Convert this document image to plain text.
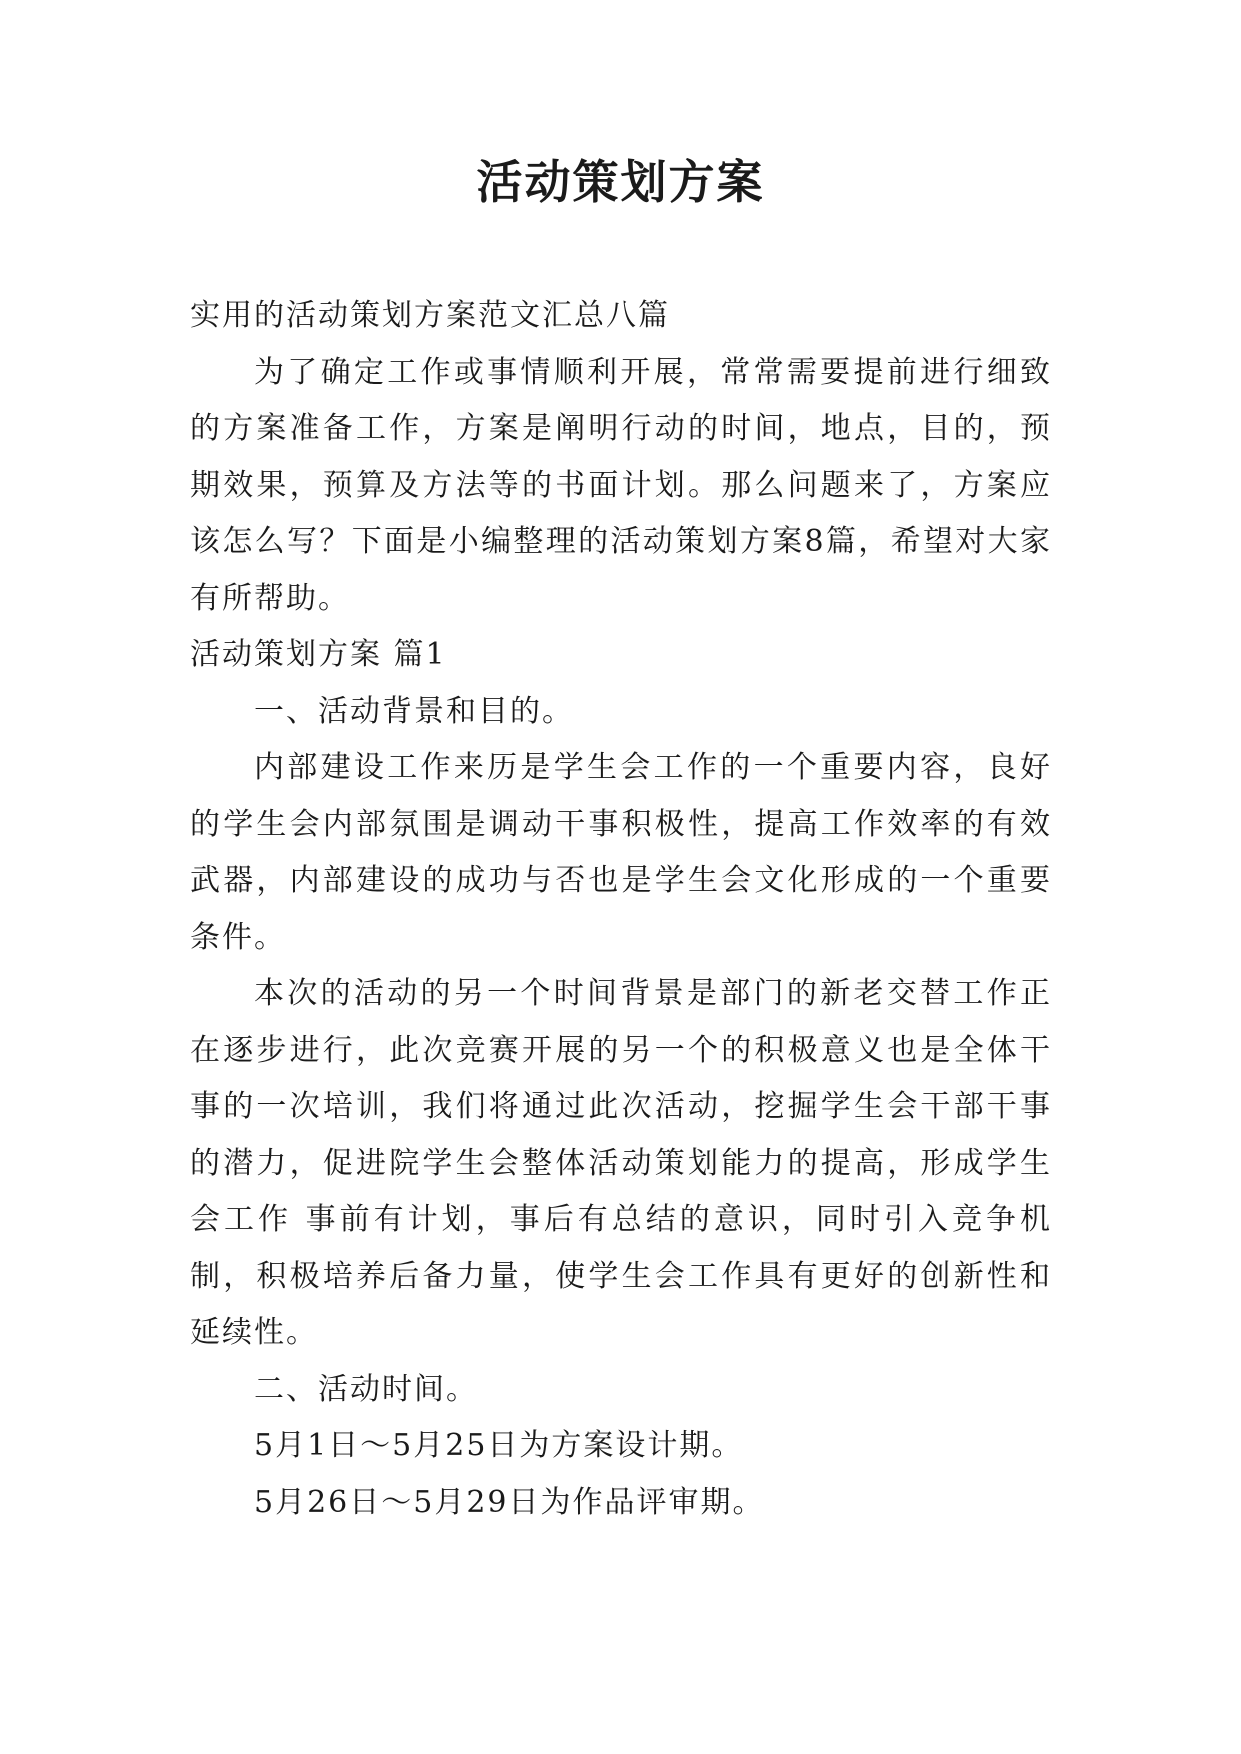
活动策划方案

实用的活动策划方案范文汇总八篇

为了确定工作或事情顺利开展，常常需要提前进行细致的方案准备工作，方案是阐明行动的时间，地点，目的，预期效果，预算及方法等的书面计划。那么问题来了，方案应该怎么写？下面是小编整理的活动策划方案8篇，希望对大家有所帮助。

活动策划方案 篇1

一、活动背景和目的。

内部建设工作来历是学生会工作的一个重要内容，良好的学生会内部氛围是调动干事积极性，提高工作效率的有效武器，内部建设的成功与否也是学生会文化形成的一个重要条件。

本次的活动的另一个时间背景是部门的新老交替工作正在逐步进行，此次竞赛开展的另一个的积极意义也是全体干事的一次培训，我们将通过此次活动，挖掘学生会干部干事的潜力，促进院学生会整体活动策划能力的提高，形成学生会工作 事前有计划，事后有总结的意识，同时引入竞争机制，积极培养后备力量，使学生会工作具有更好的创新性和延续性。

二、活动时间。

5月1日～5月25日为方案设计期。

5月26日～5月29日为作品评审期。
